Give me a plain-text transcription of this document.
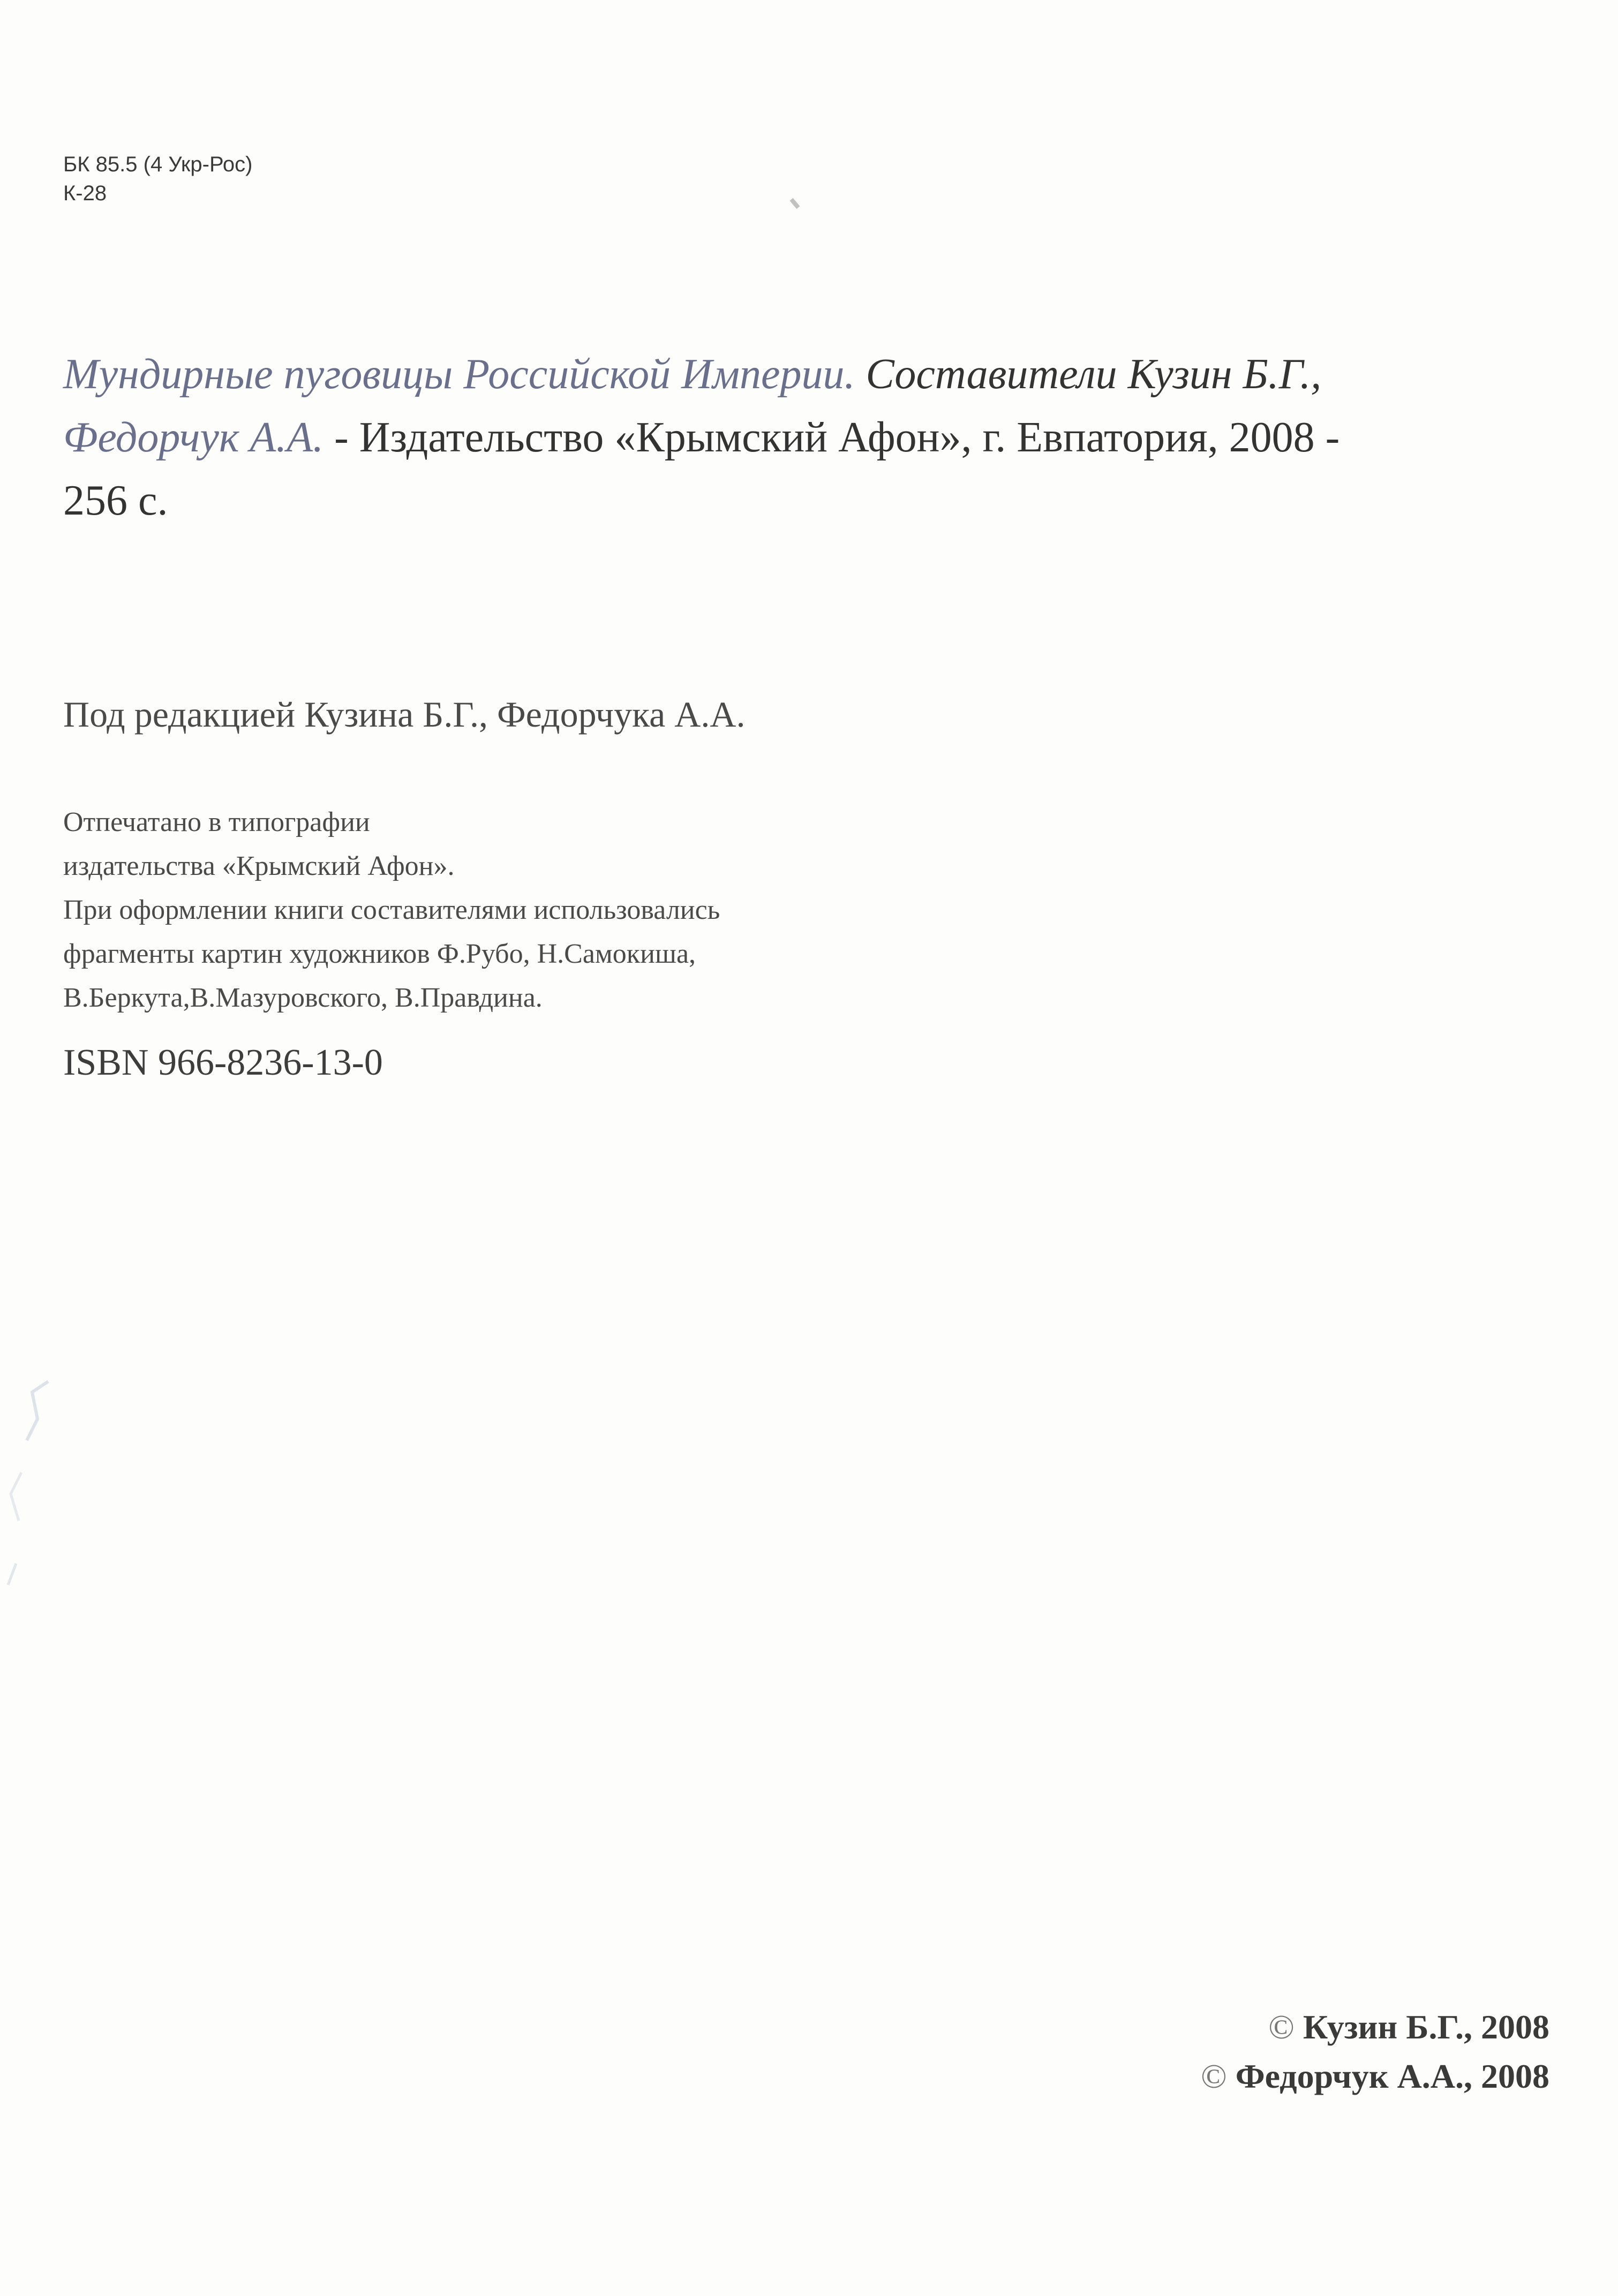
БК 85.5 (4 Укр-Рос)
К-28
Мундирные пуговицы Российской Империи. Составители Кузин Б.Г.,
Федорчук А.А. - Издательство «Крымский Афон», г. Евпатория, 2008 -
256 с.
Под редакцией Кузина Б.Г., Федорчука А.А.
Отпечатано в типографии
издательства «Крымский Афон».
При оформлении книги составителями использовались
фрагменты картин художников Ф.Рубо, Н.Самокиша,
В.Беркута,В.Мазуровского, В.Правдина.
ISBN 966-8236-13-0
© Кузин Б.Г., 2008
© Федорчук А.А., 2008
